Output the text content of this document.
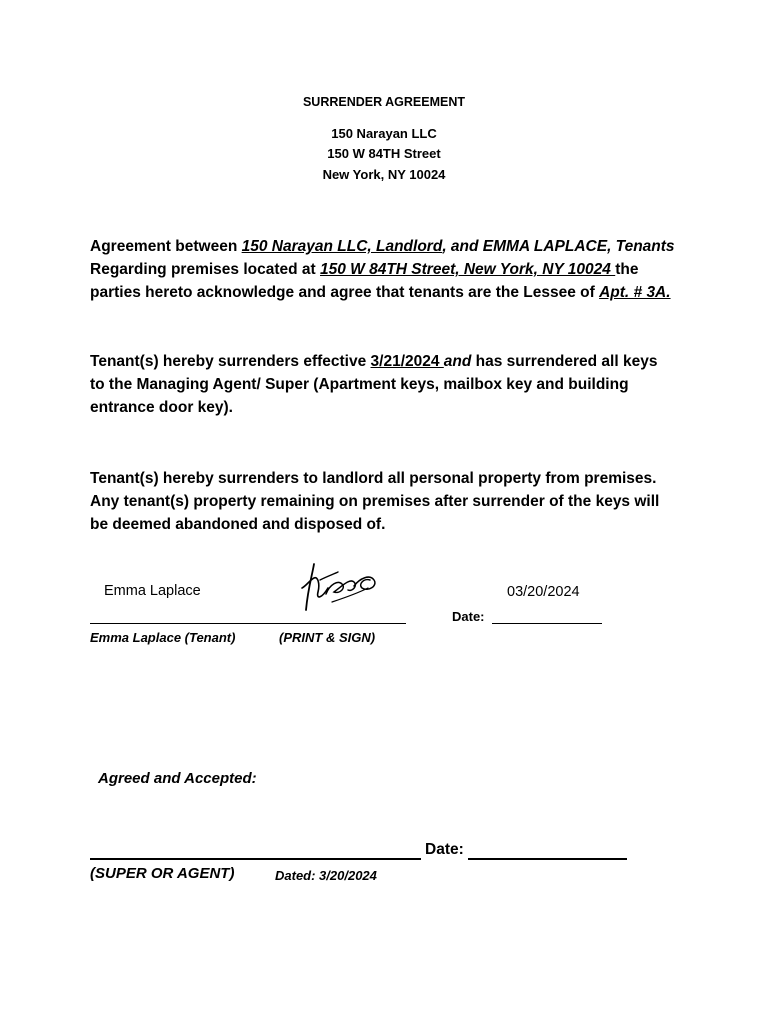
SURRENDER AGREEMENT
150 Narayan LLC
150 W 84TH Street
New York, NY 10024
Agreement between 150 Narayan LLC, Landlord, and EMMA LAPLACE, Tenants
Regarding premises located at 150 W 84TH Street, New York, NY 10024 the
parties hereto acknowledge and agree that tenants are the Lessee of Apt. # 3A.
Tenant(s) hereby surrenders effective 3/21/2024 and has surrendered all keys
to the Managing Agent/ Super (Apartment keys, mailbox key and building
entrance door key).
Tenant(s) hereby surrenders to landlord all personal property from premises.
Any tenant(s) property remaining on premises after surrender of the keys will
be deemed abandoned and disposed of.
Emma Laplace	03/20/2024
Date:
Emma Laplace (Tenant)	(PRINT & SIGN)
Agreed and Accepted:
Date:
(SUPER OR AGENT)	Dated: 3/20/2024
